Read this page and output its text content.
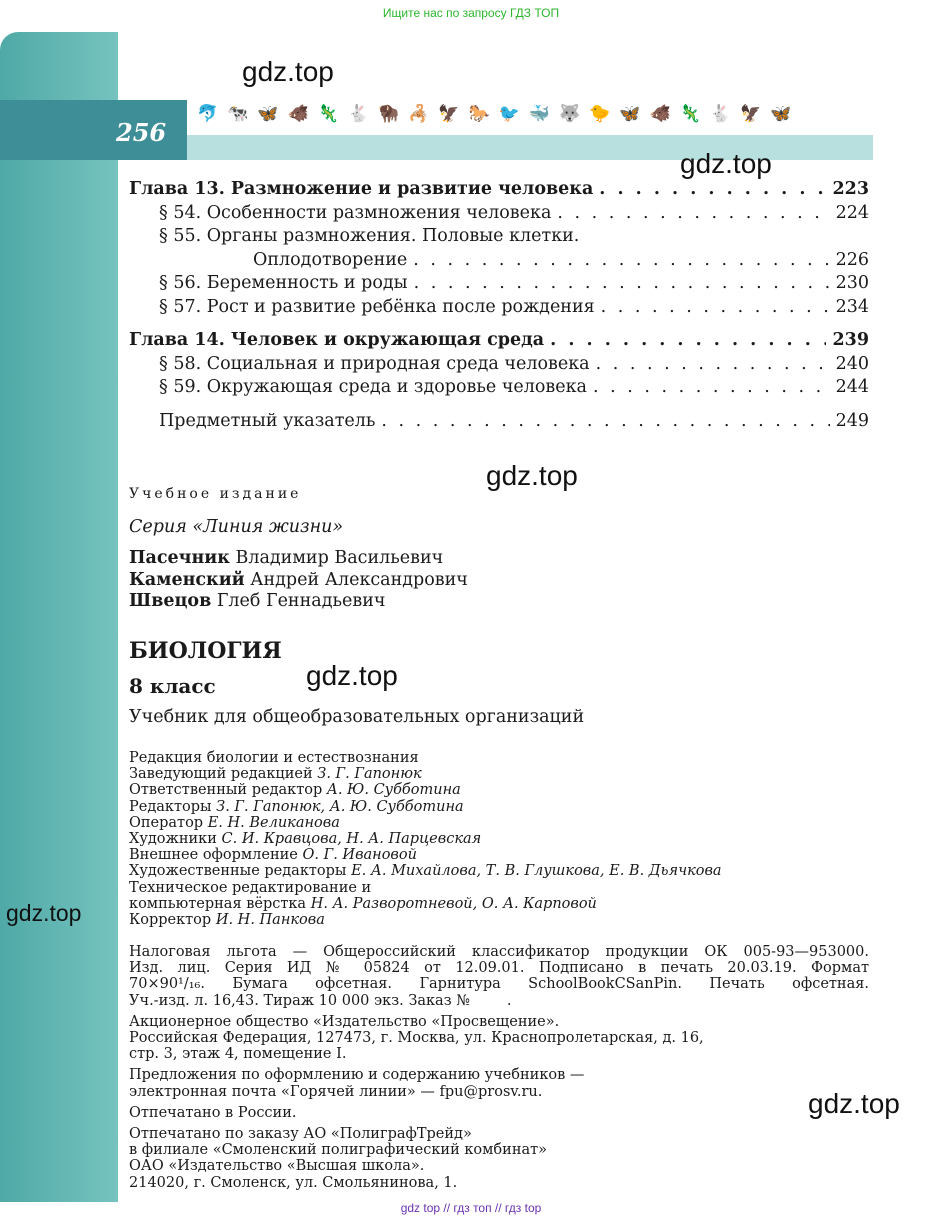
Ищите нас по запросу ГДЗ ТОП
256
🐬🐄🦋🐗🦎🐇🦬🦂🦅🐎🐦🐳🐺🐤🦋🐗🦎🐇🦅🦋
gdz.top
gdz.top
gdz.top
gdz.top
gdz.top
gdz.top
Глава 13. Размножение и развитие человека . . .	223
§ 54. Особенности размножения человека . . .	224
§ 55. Органы размножения. Половые клетки.
Оплодотворение . . .	226
§ 56. Беременность и роды . . .	230
§ 57. Рост и развитие ребёнка после рождения . . .	234
Глава 14. Человек и окружающая среда . . .	239
§ 58. Социальная и природная среда человека . . .	240
§ 59. Окружающая среда и здоровье человека . . .	244
Предметный указатель . . .	249
Учебное издание
Серия «Линия жизни»
Пасечник Владимир Васильевич
Каменский Андрей Александрович
Швецов Глеб Геннадьевич
БИОЛОГИЯ
8 класс
Учебник для общеобразовательных организаций
Редакция биологии и естествознания
Заведующий редакцией З. Г. Гапонюк
Ответственный редактор А. Ю. Субботина
Редакторы З. Г. Гапонюк, А. Ю. Субботина
Оператор Е. Н. Великанова
Художники С. И. Кравцова, Н. А. Парцевская
Внешнее оформление О. Г. Ивановой
Художественные редакторы Е. А. Михайлова, Т. В. Глушкова, Е. В. Дьячкова
Техническое редактирование и
компьютерная вёрстка Н. А. Разворотневой, О. А. Карповой
Корректор И. Н. Панкова

Налоговая льгота — Общероссийский классификатор продукции ОК 005-93—953000.
Изд. лиц. Серия ИД № 05824 от 12.09.01. Подписано в печать 20.03.19. Формат
70×90¹/₁₆. Бумага офсетная. Гарнитура SchoolBookCSanPin. Печать офсетная.
Уч.-изд. л. 16,43. Тираж 10 000 экз. Заказ №        .

Акционерное общество «Издательство «Просвещение».
Российская Федерация, 127473, г. Москва, ул. Краснопролетарская, д. 16,
стр. 3, этаж 4, помещение I.

Предложения по оформлению и содержанию учебников —
электронная почта «Горячей линии» — fpu@prosv.ru.

Отпечатано в России.

Отпечатано по заказу АО «ПолиграфТрейд»
в филиале «Смоленский полиграфический комбинат»
ОАО «Издательство «Высшая школа».
214020, г. Смоленск, ул. Смольянинова, 1.

gdz top // гдз топ // гдз top
